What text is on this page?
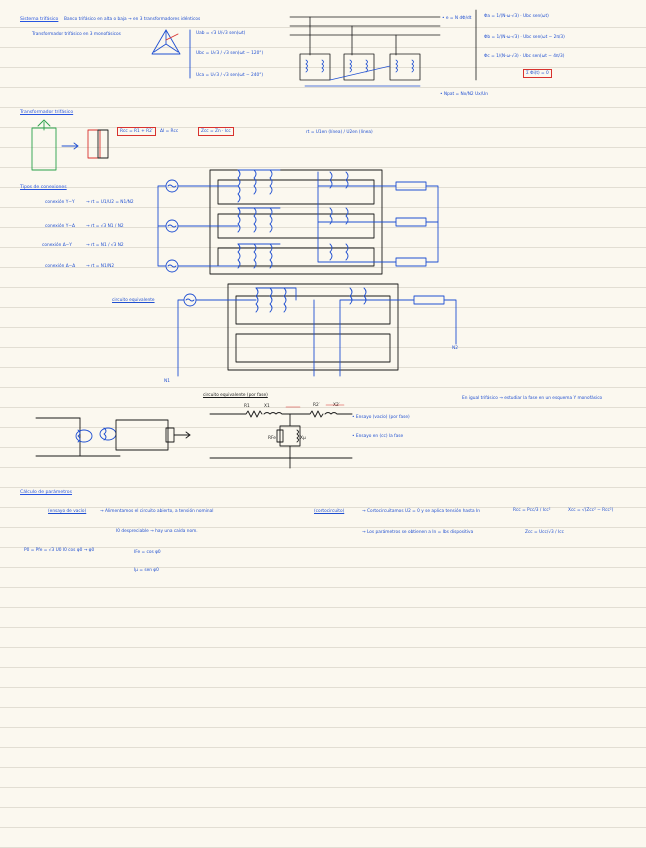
Sistema trifásico Banco trifásico en alta o baja → en 3 transformadores idénticos
Transformador trifásico en 3 monofásicos	Uab = √3 U/√3 sen(ωt)
Ubc = U√3 / √3 sen(ωt − 120°)
Uca = U√3 / √3 sen(ωt − 240°)
• e = N dΦ/dt	Φa = 1/(N·ω·√3) · Ubc sen(ωt)
Φb = 1/(N·ω·√3) · Ubc sen(ωt − 2π/3)
Φc = 1/(N·ω·√3) · Ubc sen(ωt − 4π/3)
Σ Φi(t) = 0
• Npat = Nx/N2 Ux/Un
Transformador trifásico
Rcc = R1 + R2′	ΔI = Rcc	Zcc = Zn · Icc	rt = U1en (línea) / U2en (línea)
Tipos de conexiones
conexión Y−Y	→ rt = U1/U2 = N1/N2
conexión Y−Δ	→ rt = √3 N1 / N2
conexión Δ−Y	→ rt = N1 / √3 N2
conexión Δ−Δ	→ rt = N1/N2
circuito equivalente
N1
N2
circuito equivalente (por fase)
R1	X1	R2′	X2′
RFe	Xμ
• Ensayo (vacío) (por fase)
• Ensayo en (cc) la fase
En igual trifásico → estudiar la fase en un esquema Y monofásico
Cálculo de parámetros
(ensayo de vacío)	→ Alimentamos el circuito abierto, a tensión nominal
I0 despreciable → hay una caída nom.
(cortocircuito)	→ Cortocircuitamos U2 = 0 y se aplica tensión hasta In
→ Los parámetros se obtienen a In = Ibs dispositiva
Rcc = Pcc/3 / Icc²	Xcc = √(Zcc² − Rcc²)
Zcc = Ucc/√3 / Icc
P0 = Pfe = √3 U0 I0 cos φ0 → φ0	IFe = cos φ0
Iμ = sen φ0
